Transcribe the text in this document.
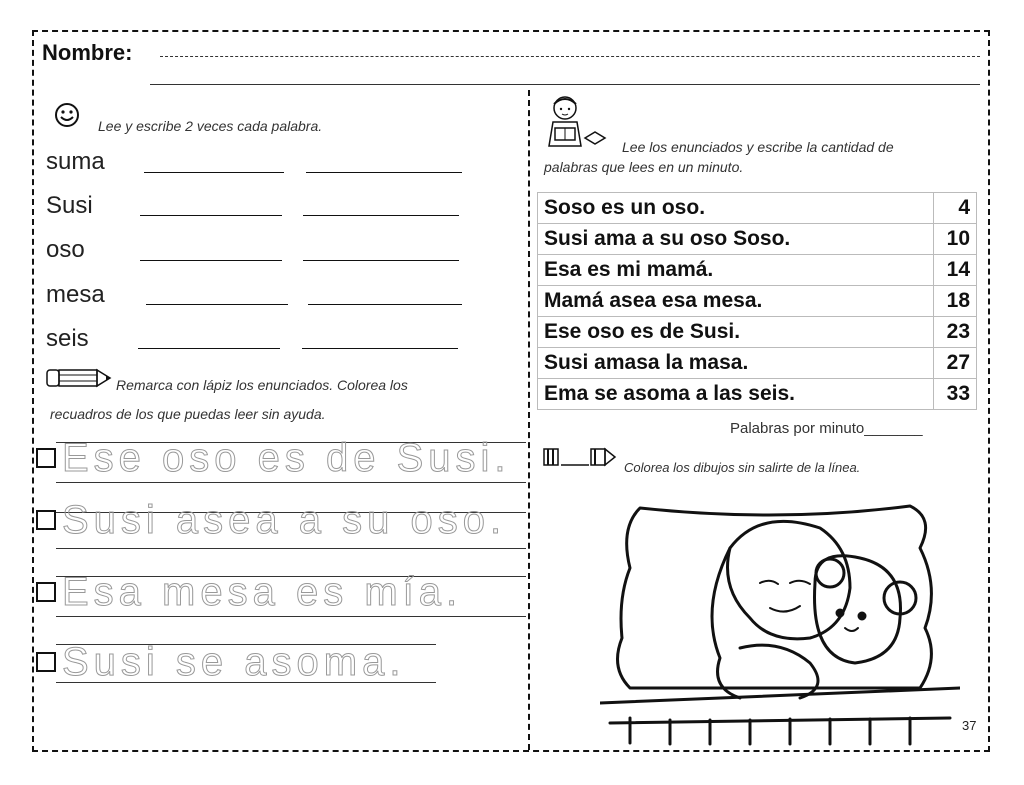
Nombre:
Lee y escribe 2 veces cada palabra.
suma
Susi
oso
mesa
seis
Remarca con lápiz los enunciados. Colorea los
recuadros de los que puedas leer sin ayuda.
Ese oso es de Susi.
Susi asea a su oso.
Esa mesa es mía.
Susi se asoma.
Lee los enunciados y escribe la cantidad de
palabras que lees en un minuto.
Soso es un oso.	4
Susi ama a su oso Soso.	10
Esa es mi mamá.	14
Mamá asea esa mesa.	18
Ese oso es de Susi.	23
Susi amasa la masa.	27
Ema se asoma a las seis.	33
Palabras por minuto_______
Colorea los dibujos sin salirte de la línea.
37
